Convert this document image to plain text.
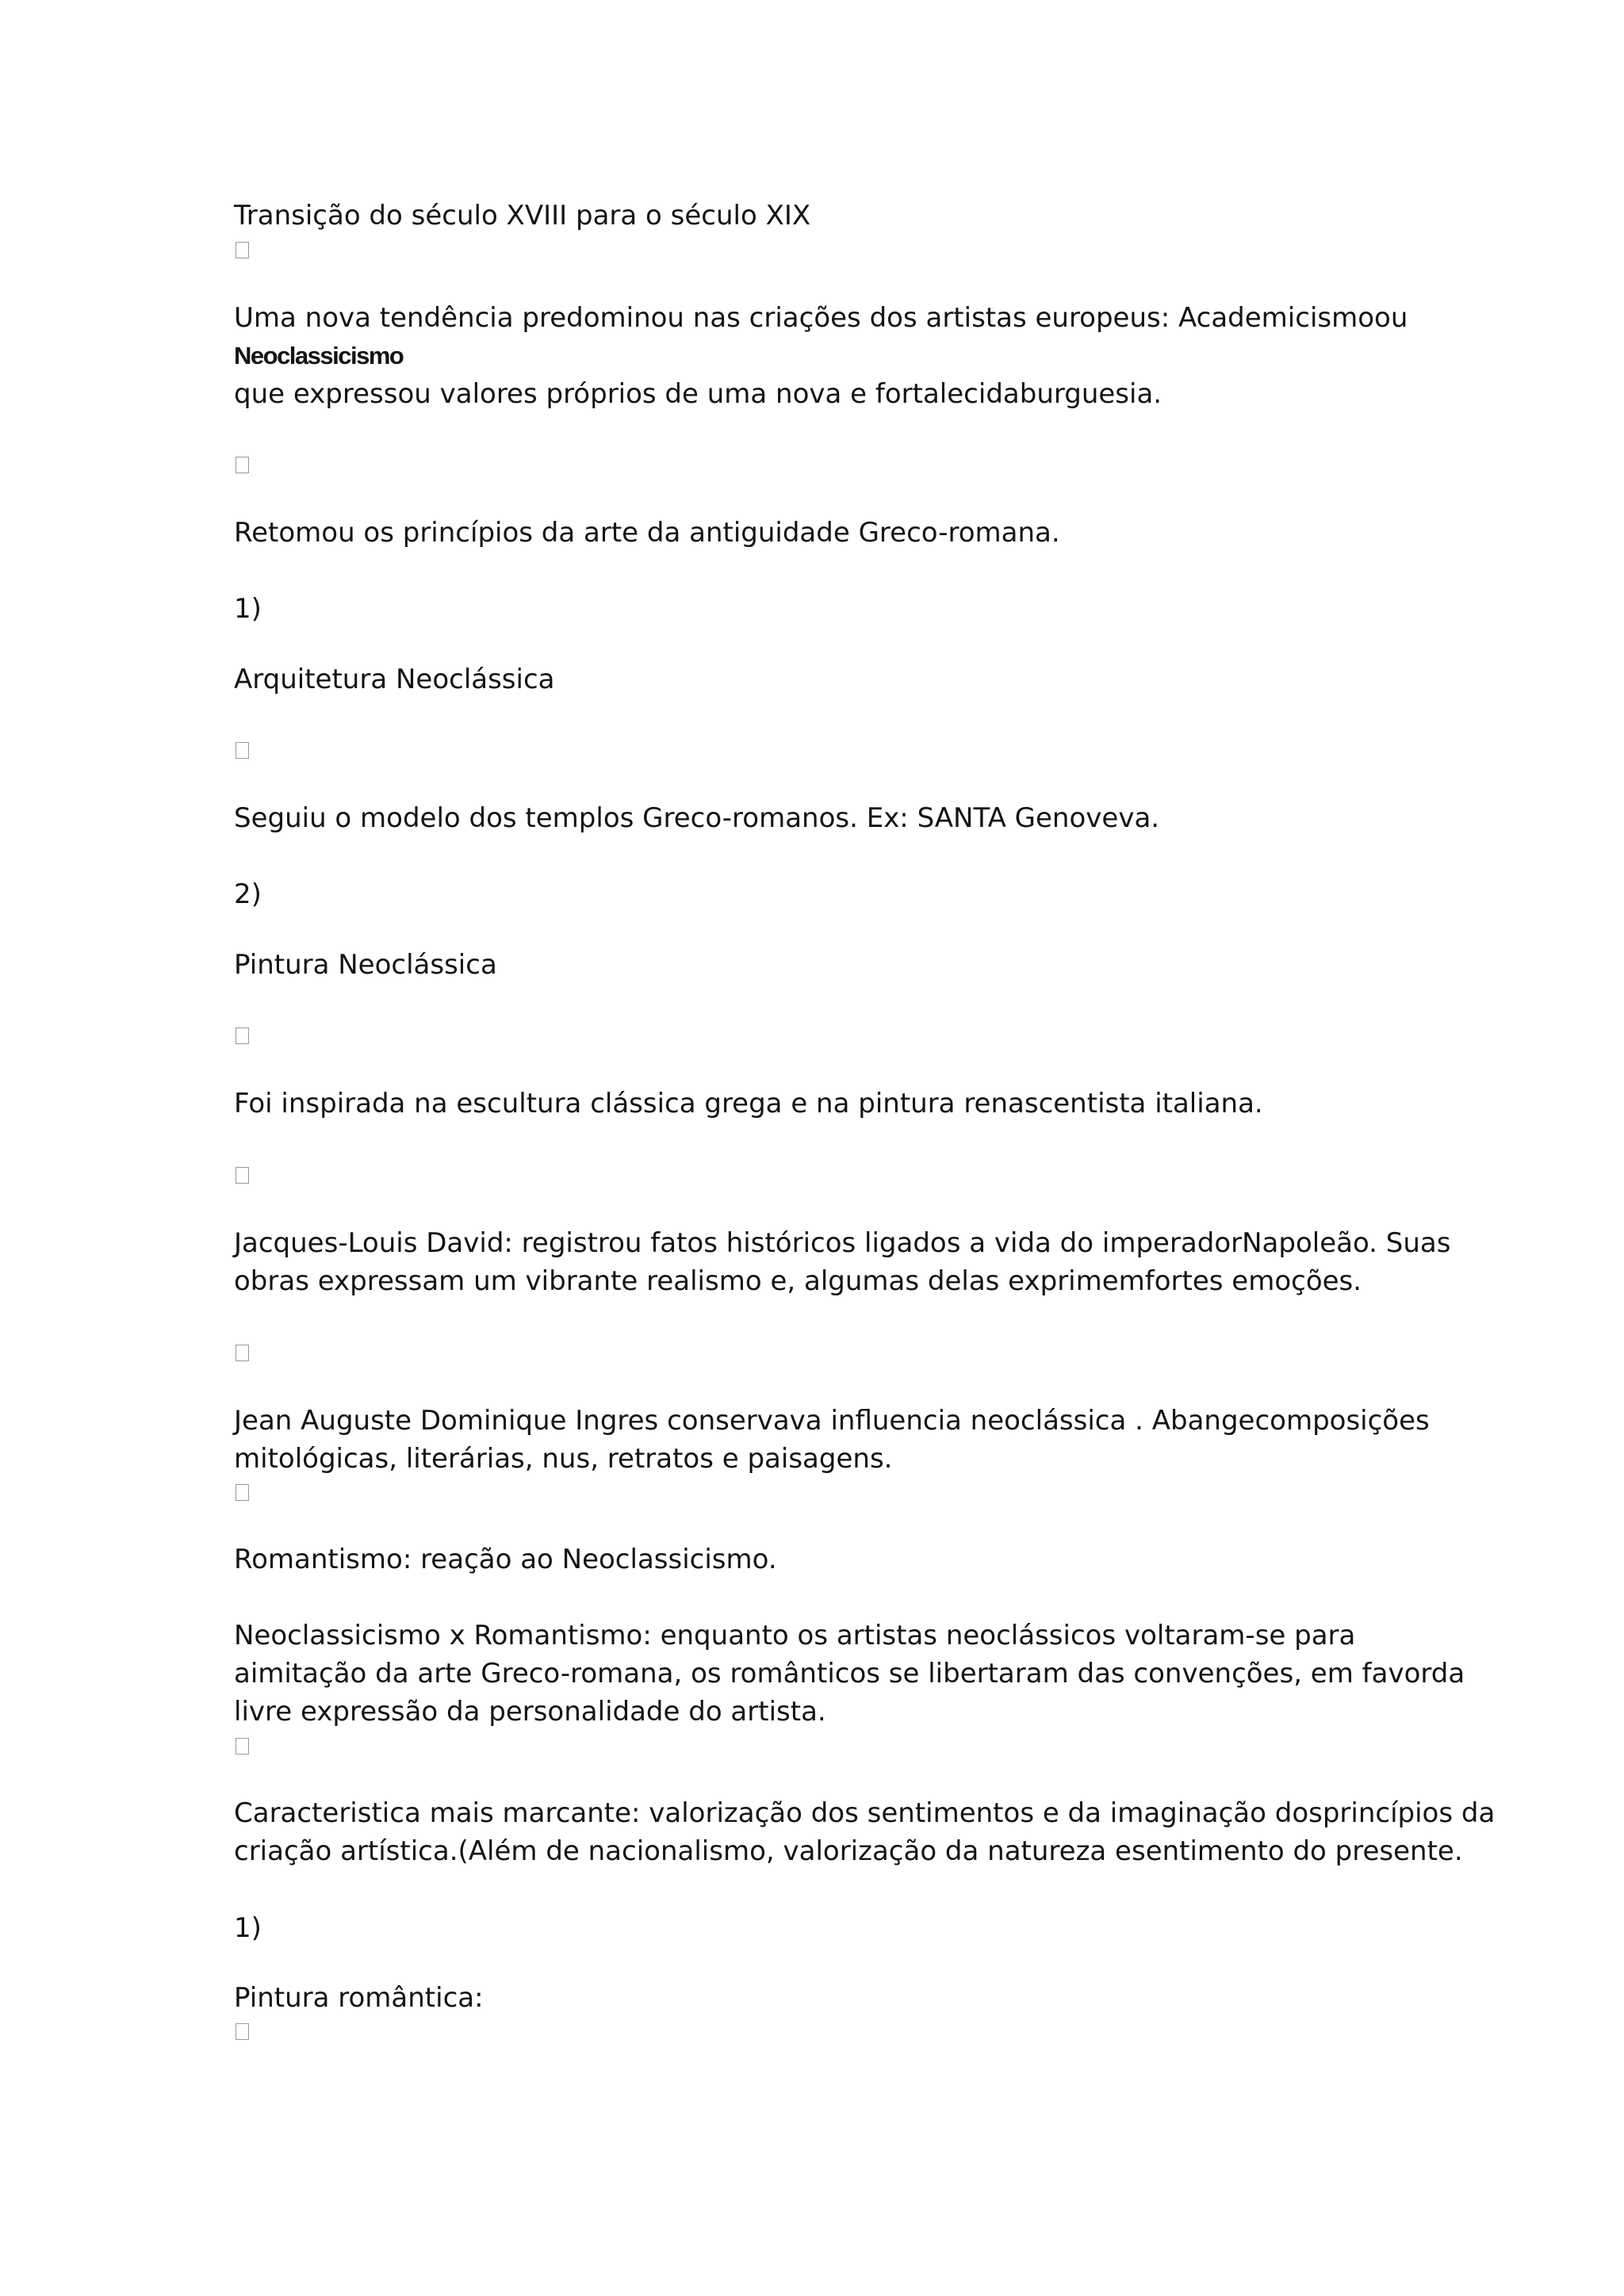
Transição do século XVIII para o século XIX

Uma nova tendência predominou nas criações dos artistas europeus: Academicismoou

Neoclassicismo

que expressou valores próprios de uma nova e fortalecidaburguesia.

Retomou os princípios da arte da antiguidade Greco-romana.

1)

Arquitetura Neoclássica

Seguiu o modelo dos templos Greco-romanos. Ex: SANTA Genoveva.

2)

Pintura Neoclássica

Foi inspirada na escultura clássica grega e na pintura renascentista italiana.

Jacques-Louis David: registrou fatos históricos ligados a vida do imperadorNapoleão. Suas

obras expressam um vibrante realismo e, algumas delas exprimemfortes emoções.

Jean Auguste Dominique Ingres conservava influencia neoclássica . Abangecomposições

mitológicas, literárias, nus, retratos e paisagens.

Romantismo: reação ao Neoclassicismo.

Neoclassicismo x Romantismo: enquanto os artistas neoclássicos voltaram-se para

aimitação da arte Greco-romana, os românticos se libertaram das convenções, em favorda

livre expressão da personalidade do artista.

Caracteristica mais marcante: valorização dos sentimentos e da imaginação dosprincípios da

criação artística.(Além de nacionalismo, valorização da natureza esentimento do presente.

1)

Pintura romântica:
